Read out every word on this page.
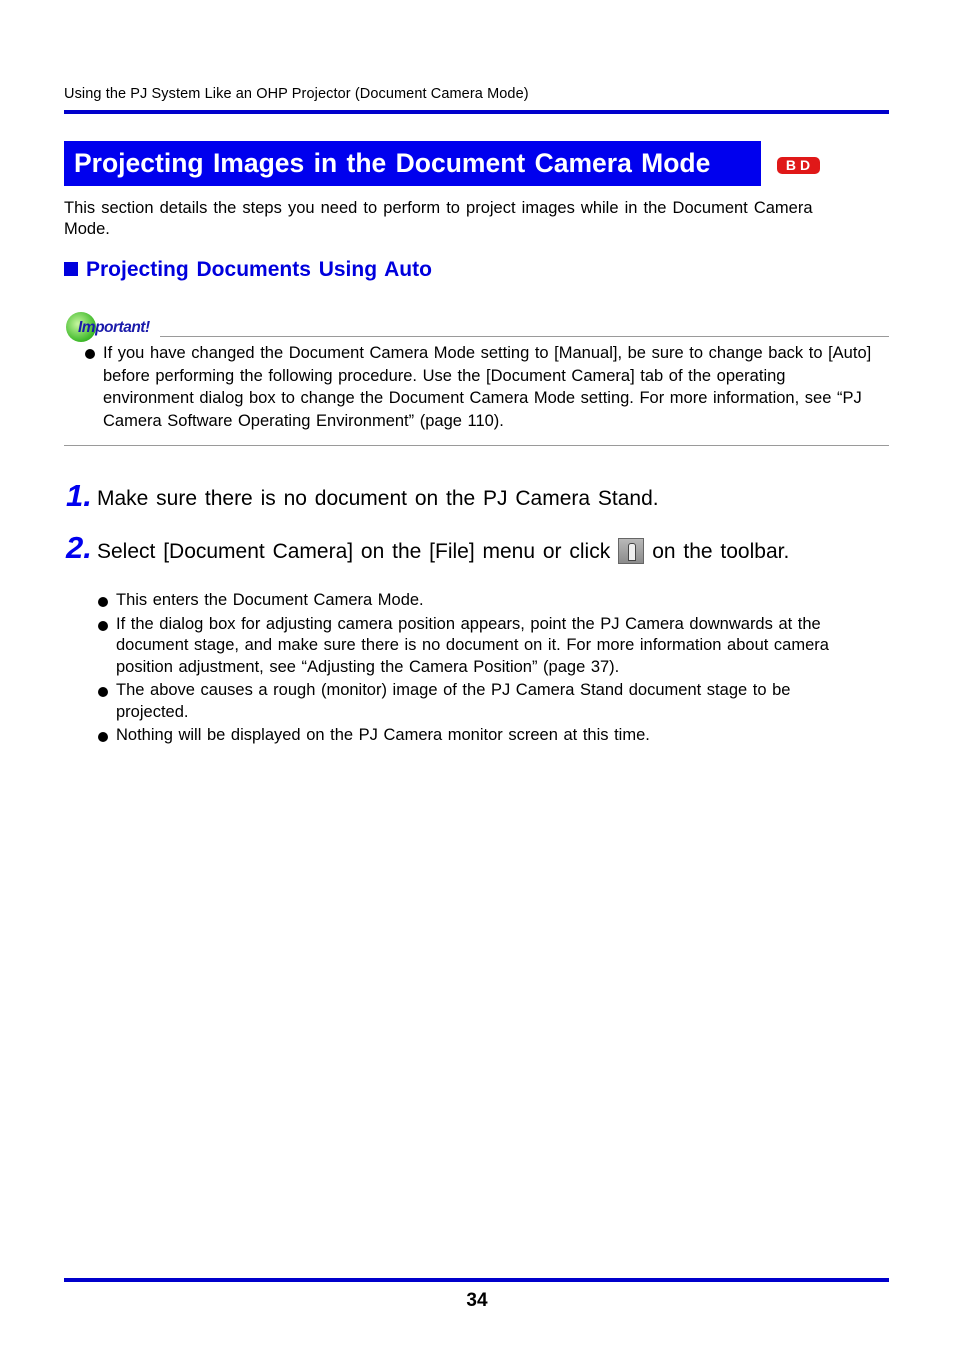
Using the PJ System Like an OHP Projector (Document Camera Mode)
Projecting Images in the Document Camera Mode	BD
This section details the steps you need to perform to project images while in the Document Camera Mode.
Projecting Documents Using Auto
Important!
If you have changed the Document Camera Mode setting to [Manual], be sure to change back to [Auto] before performing the following procedure. Use the [Document Camera] tab of the operating environment dialog box to change the Document Camera Mode setting. For more information, see “PJ Camera Software Operating Environment” (page 110).
1. Make sure there is no document on the PJ Camera Stand.
2. Select [Document Camera] on the [File] menu or click on the toolbar.
This enters the Document Camera Mode.
If the dialog box for adjusting camera position appears, point the PJ Camera downwards at the document stage, and make sure there is no document on it. For more information about camera position adjustment, see “Adjusting the Camera Position” (page 37).
The above causes a rough (monitor) image of the PJ Camera Stand document stage to be projected.
Nothing will be displayed on the PJ Camera monitor screen at this time.
34
